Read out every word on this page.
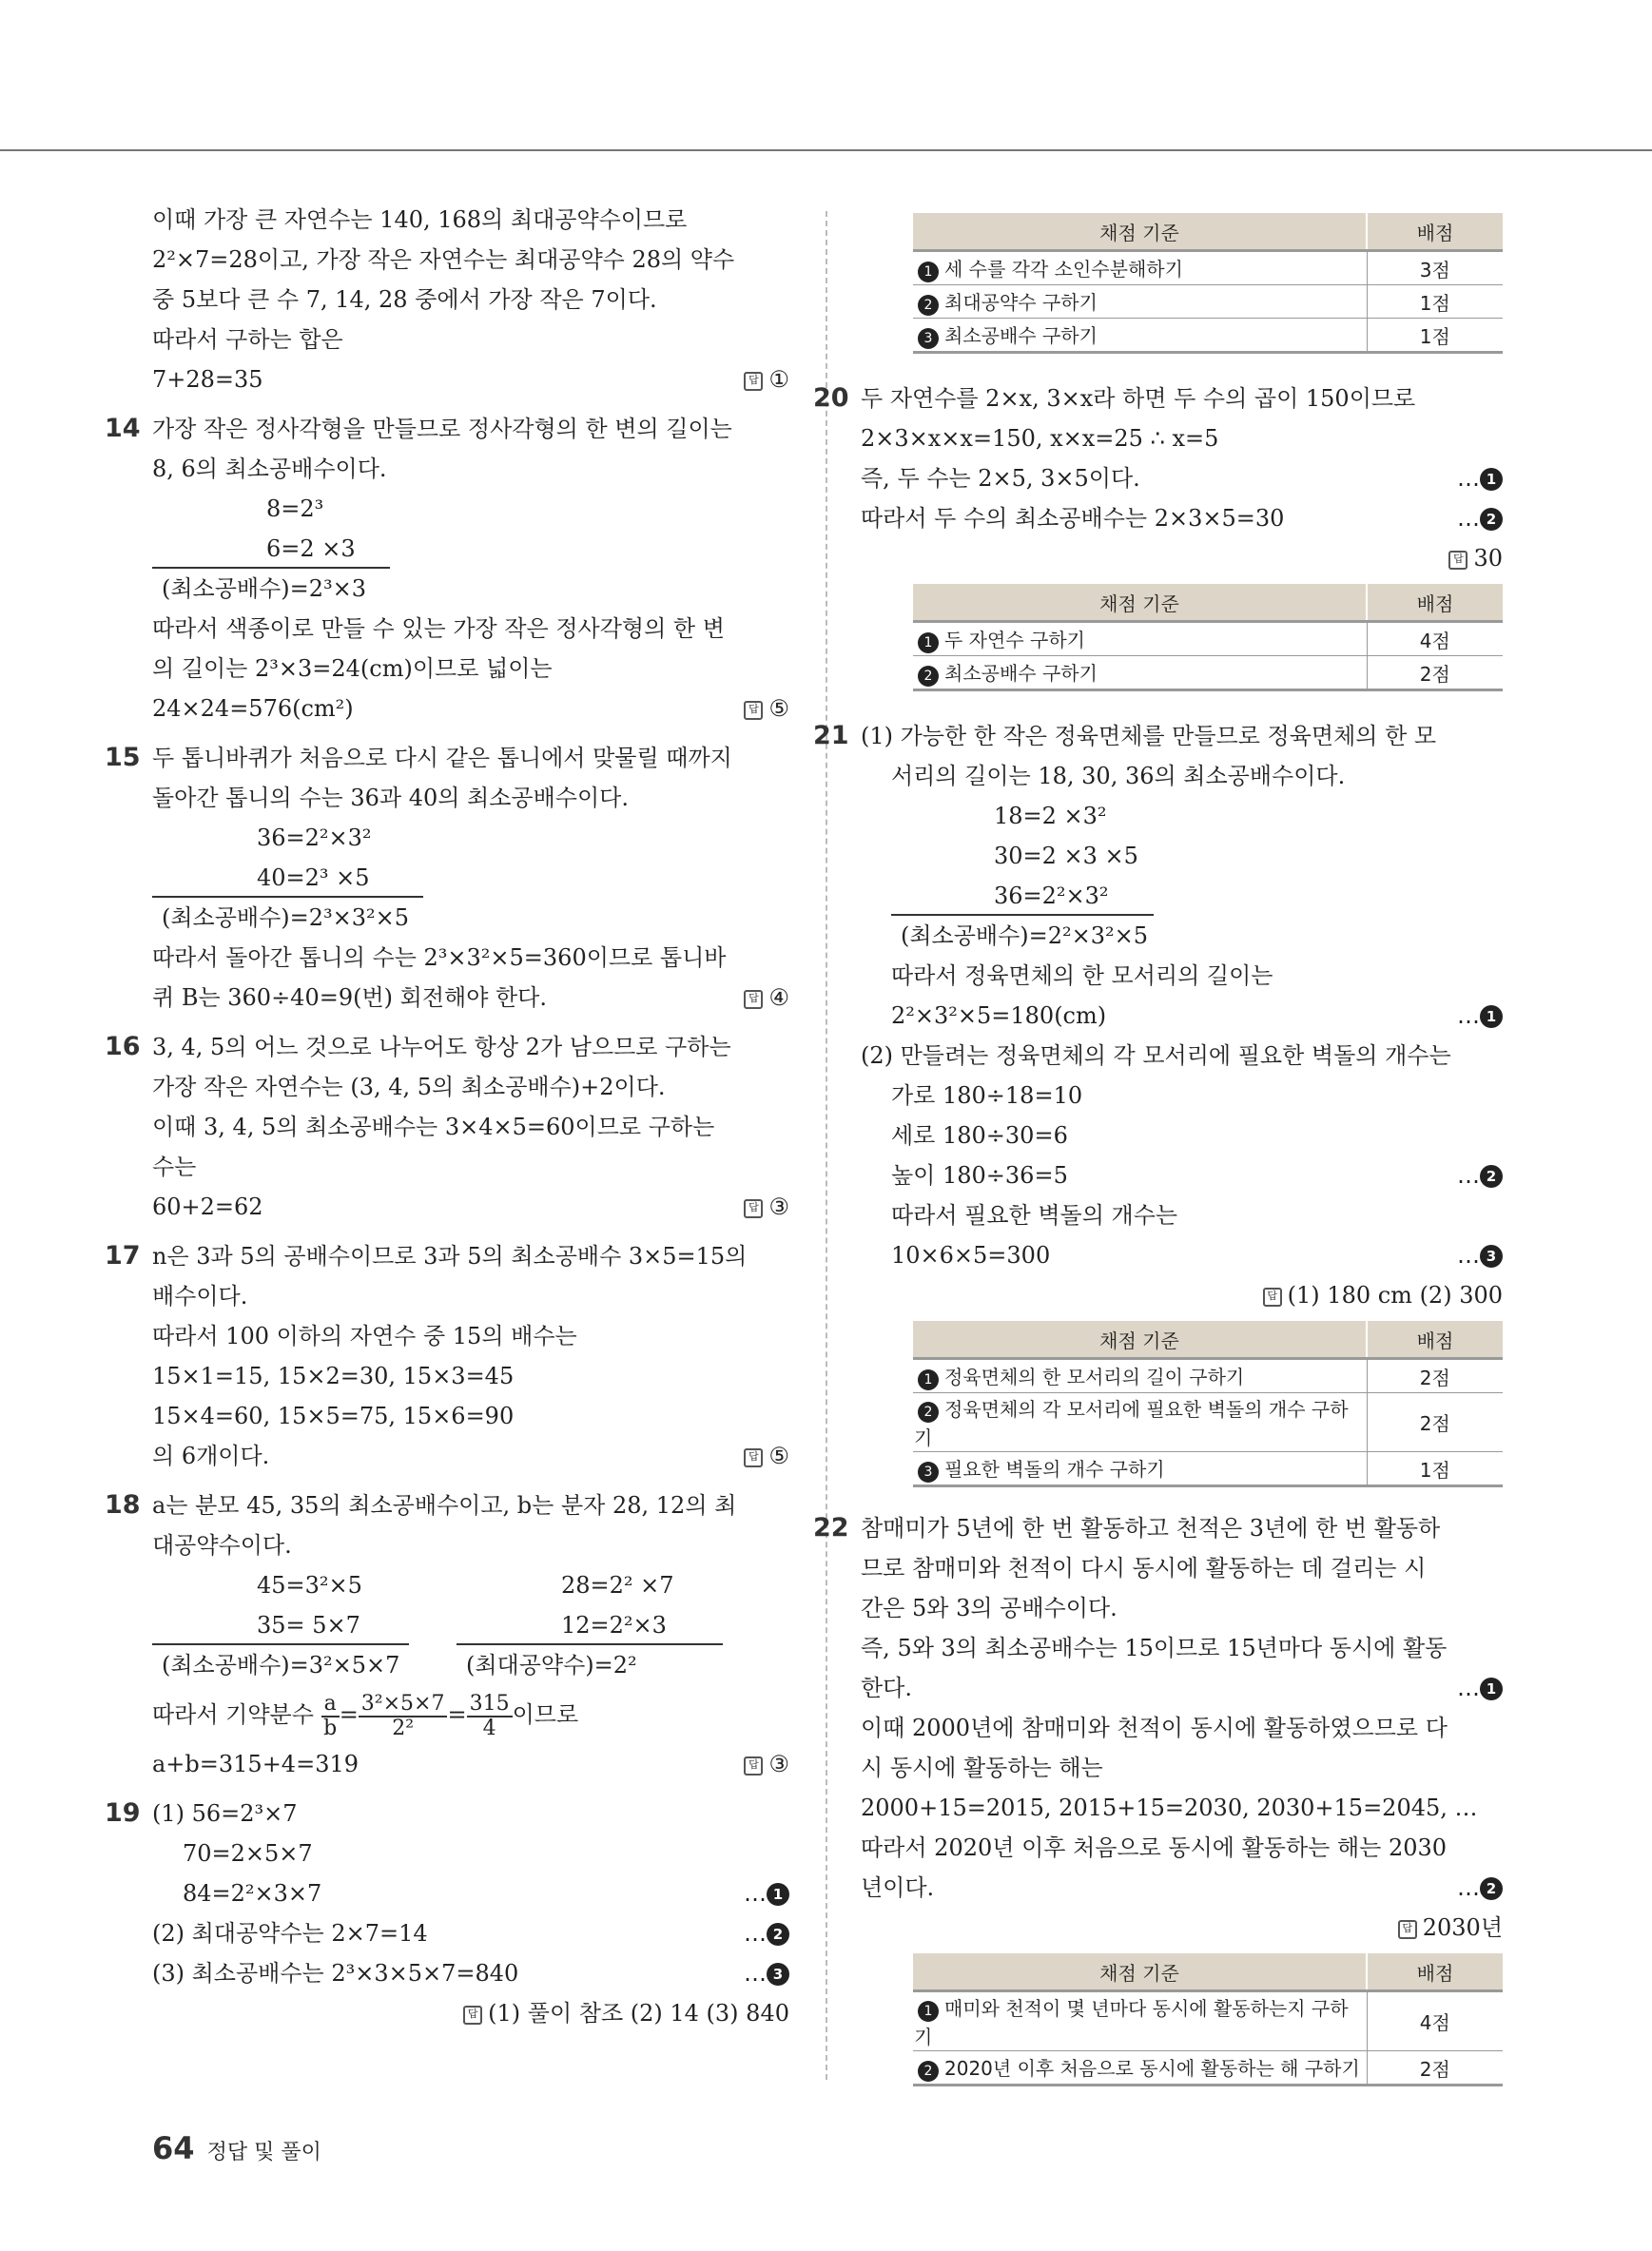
이때 가장 큰 자연수는 140, 168의 최대공약수이므로
2²×7=28이고, 가장 작은 자연수는 최대공약수 28의 약수
중 5보다 큰 수 7, 14, 28 중에서 가장 작은 7이다.
따라서 구하는 합은
7+28=35	답 ①
14 가장 작은 정사각형을 만들므로 정사각형의 한 변의 길이는
8, 6의 최소공배수이다.
8=2³
6=2 ×3
(최소공배수)=2³×3
따라서 색종이로 만들 수 있는 가장 작은 정사각형의 한 변
의 길이는 2³×3=24(cm)이므로 넓이는
24×24=576(cm²)	답 ⑤
15 두 톱니바퀴가 처음으로 다시 같은 톱니에서 맞물릴 때까지
돌아간 톱니의 수는 36과 40의 최소공배수이다.
36=2²×3²
40=2³ ×5
(최소공배수)=2³×3²×5
따라서 돌아간 톱니의 수는 2³×3²×5=360이므로 톱니바
퀴 B는 360÷40=9(번) 회전해야 한다.	답 ④
16 3, 4, 5의 어느 것으로 나누어도 항상 2가 남으므로 구하는
가장 작은 자연수는 (3, 4, 5의 최소공배수)+2이다.
이때 3, 4, 5의 최소공배수는 3×4×5=60이므로 구하는
수는
60+2=62	답 ③
17 n은 3과 5의 공배수이므로 3과 5의 최소공배수 3×5=15의
배수이다.
따라서 100 이하의 자연수 중 15의 배수는
15×1=15, 15×2=30, 15×3=45
15×4=60, 15×5=75, 15×6=90
의 6개이다.	답 ⑤
18 a는 분모 45, 35의 최소공배수이고, b는 분자 28, 12의 최
대공약수이다.
45=3²×5
35= 5×7
(최소공배수)=3²×5×7
28=2² ×7
12=2²×3
(최대공약수)=2²
따라서 기약분수 $\frac{a}{b} = \frac{\text{3²×5×7}}{\text{2²}} = \frac{315}{4}$ 이므로
a+b=315+4=319	답 ③
19 (1) 56=2³×7
70=2×5×7
84=2²×3×7	… 1
(2) 최대공약수는 2×7=14	… 2
(3) 최소공배수는 2³×3×5×7=840	… 3
답 (1) 풀이 참조 (2) 14 (3) 840
채점 기준	배점
1 세 수를 각각 소인수분해하기	3점
2 최대공약수 구하기	1점
3 최소공배수 구하기	1점
20 두 자연수를 2×x, 3×x라 하면 두 수의 곱이 150이므로
2×3×x×x=150, x×x=25 ∴ x=5
즉, 두 수는 2×5, 3×5이다.	… 1
따라서 두 수의 최소공배수는 2×3×5=30	… 2
답 30
채점 기준	배점
1 두 자연수 구하기	4점
2 최소공배수 구하기	2점
21 (1) 가능한 한 작은 정육면체를 만들므로 정육면체의 한 모
서리의 길이는 18, 30, 36의 최소공배수이다.
18=2 ×3²
30=2 ×3 ×5
36=2²×3²
(최소공배수)=2²×3²×5
따라서 정육면체의 한 모서리의 길이는
2²×3²×5=180(cm)	… 1
(2) 만들려는 정육면체의 각 모서리에 필요한 벽돌의 개수는
가로 180÷18=10
세로 180÷30=6
높이 180÷36=5	… 2
따라서 필요한 벽돌의 개수는
10×6×5=300	… 3
답 (1) 180 cm (2) 300
채점 기준	배점
1 정육면체의 한 모서리의 길이 구하기	2점
2 정육면체의 각 모서리에 필요한 벽돌의 개수 구하기	2점
3 필요한 벽돌의 개수 구하기	1점
22 참매미가 5년에 한 번 활동하고 천적은 3년에 한 번 활동하
므로 참매미와 천적이 다시 동시에 활동하는 데 걸리는 시
간은 5와 3의 공배수이다.
즉, 5와 3의 최소공배수는 15이므로 15년마다 동시에 활동
한다.	… 1
이때 2000년에 참매미와 천적이 동시에 활동하였으므로 다
시 동시에 활동하는 해는
2000+15=2015, 2015+15=2030, 2030+15=2045, …
따라서 2020년 이후 처음으로 동시에 활동하는 해는 2030
년이다.	… 2
답 2030년
채점 기준	배점
1 매미와 천적이 몇 년마다 동시에 활동하는지 구하기	4점
2 2020년 이후 처음으로 동시에 활동하는 해 구하기	2점
64 정답 및 풀이
